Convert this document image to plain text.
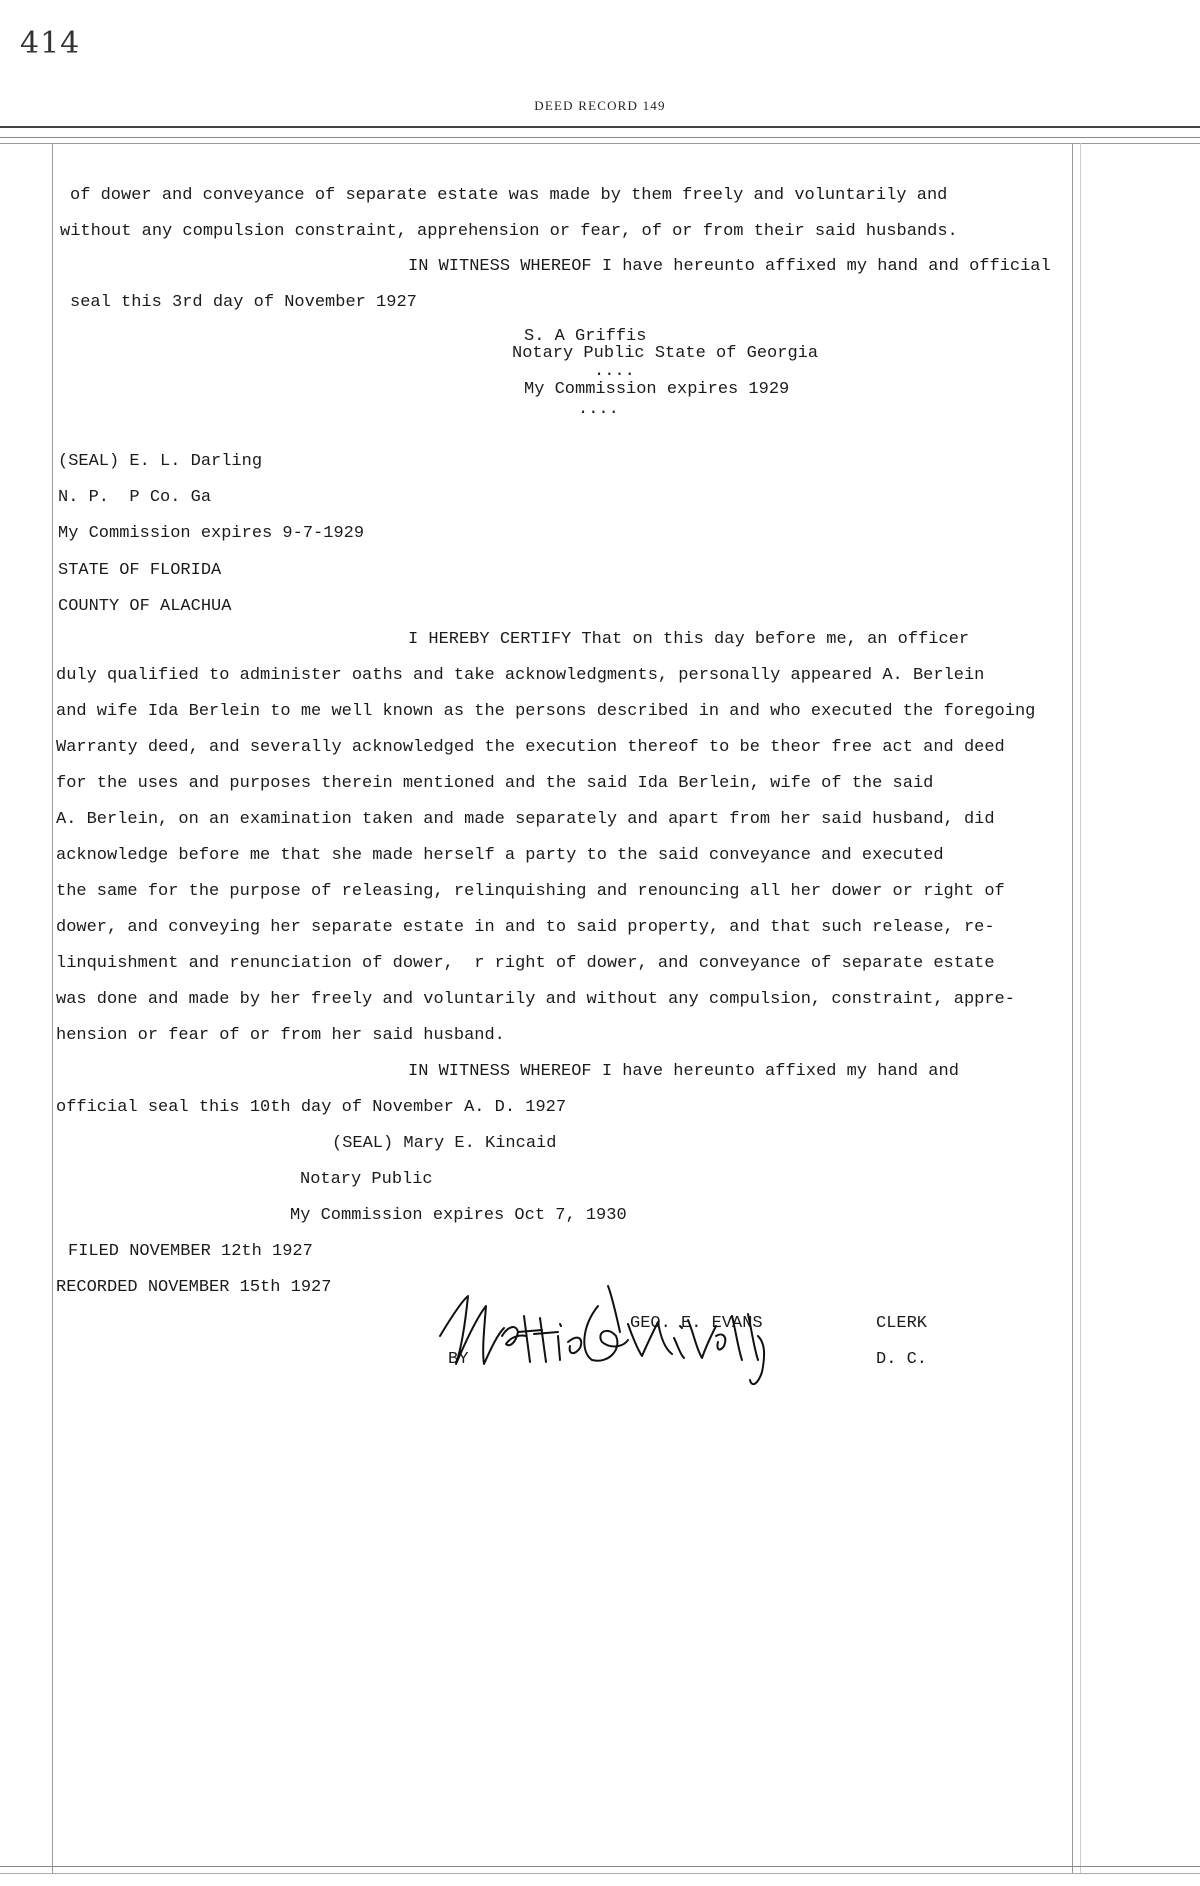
414
DEED RECORD 149
of dower and conveyance of separate estate was made by them freely and voluntarily and
without any compulsion constraint, apprehension or fear, of or from their said husbands.
IN WITNESS WHEREOF I have hereunto affixed my hand and official
seal this 3rd day of November 1927
S. A Griffis
Notary Public State of Georgia
....
My Commission expires 1929
....
(SEAL) E. L. Darling
N. P.  P Co. Ga
My Commission expires 9-7-1929
STATE OF FLORIDA
COUNTY OF ALACHUA
I HEREBY CERTIFY That on this day before me, an officer
duly qualified to administer oaths and take acknowledgments, personally appeared A. Berlein
and wife Ida Berlein to me well known as the persons described in and who executed the foregoing
Warranty deed, and severally acknowledged the execution thereof to be theor free act and deed
for the uses and purposes therein mentioned and the said Ida Berlein, wife of the said
A. Berlein, on an examination taken and made separately and apart from her said husband, did
acknowledge before me that she made herself a party to the said conveyance and executed
the same for the purpose of releasing, relinquishing and renouncing all her dower or right of
dower, and conveying her separate estate in and to said property, and that such release, re-
linquishment and renunciation of dower,  r right of dower, and conveyance of separate estate
was done and made by her freely and voluntarily and without any compulsion, constraint, appre-
hension or fear of or from her said husband.
IN WITNESS WHEREOF I have hereunto affixed my hand and
official seal this 10th day of November A. D. 1927
(SEAL) Mary E. Kincaid
Notary Public
My Commission expires Oct 7, 1930
FILED NOVEMBER 12th 1927
RECORDED NOVEMBER 15th 1927
GEO. E. EVANS	CLERK
BY	D. C.
